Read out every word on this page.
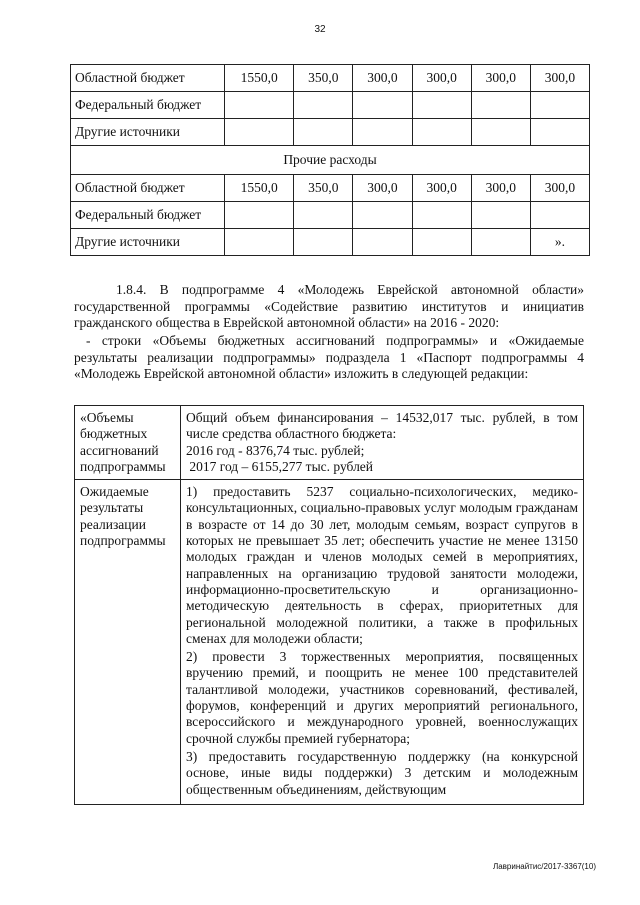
32
Областной бюджет	1550,0	350,0	300,0	300,0	300,0	300,0
Федеральный бюджет						
Другие источники						
Прочие расходы						
Областной бюджет	1550,0	350,0	300,0	300,0	300,0	300,0
Федеральный бюджет						
Другие источники						».
1.8.4. В подпрограмме 4 «Молодежь Еврейской автономной области» государственной программы «Содействие развитию институтов и инициатив гражданского общества в Еврейской автономной области» на 2016 - 2020:
- строки «Объемы бюджетных ассигнований подпрограммы» и «Ожидаемые результаты реализации подпрограммы» подраздела 1 «Паспорт подпрограммы 4 «Молодежь Еврейской автономной области» изложить в следующей редакции:
«Объемы бюджетных ассигнований подпрограммы	Общий объем финансирования – 14532,017 тыс. рублей, в том числе средства областного бюджета:
2016 год - 8376,74 тыс. рублей;
2017 год – 6155,277 тыс. рублей

Ожидаемые результаты реализации подпрограммы	1) предоставить 5237 социально-психологических, медико-консультационных, социально-правовых услуг молодым гражданам в возрасте от 14 до 30 лет, молодым семьям, возраст супругов в которых не превышает 35 лет; обеспечить участие не менее 13150 молодых граждан и членов молодых семей в мероприятиях, направленных на организацию трудовой занятости молодежи, информационно-просветительскую и организационно-методическую деятельность в сферах, приоритетных для региональной молодежной политики, а также в профильных сменах для молодежи области;
2) провести 3 торжественных мероприятия, посвященных вручению премий, и поощрить не менее 100 представителей талантливой молодежи, участников соревнований, фестивалей, форумов, конференций и других мероприятий регионального, всероссийского и международного уровней, военнослужащих срочной службы премией губернатора;
3) предоставить государственную поддержку (на конкурсной основе, иные виды поддержки) 3 детским и молодежным общественным объединениям, действующим
Лавринайтис/2017-3367(10)
